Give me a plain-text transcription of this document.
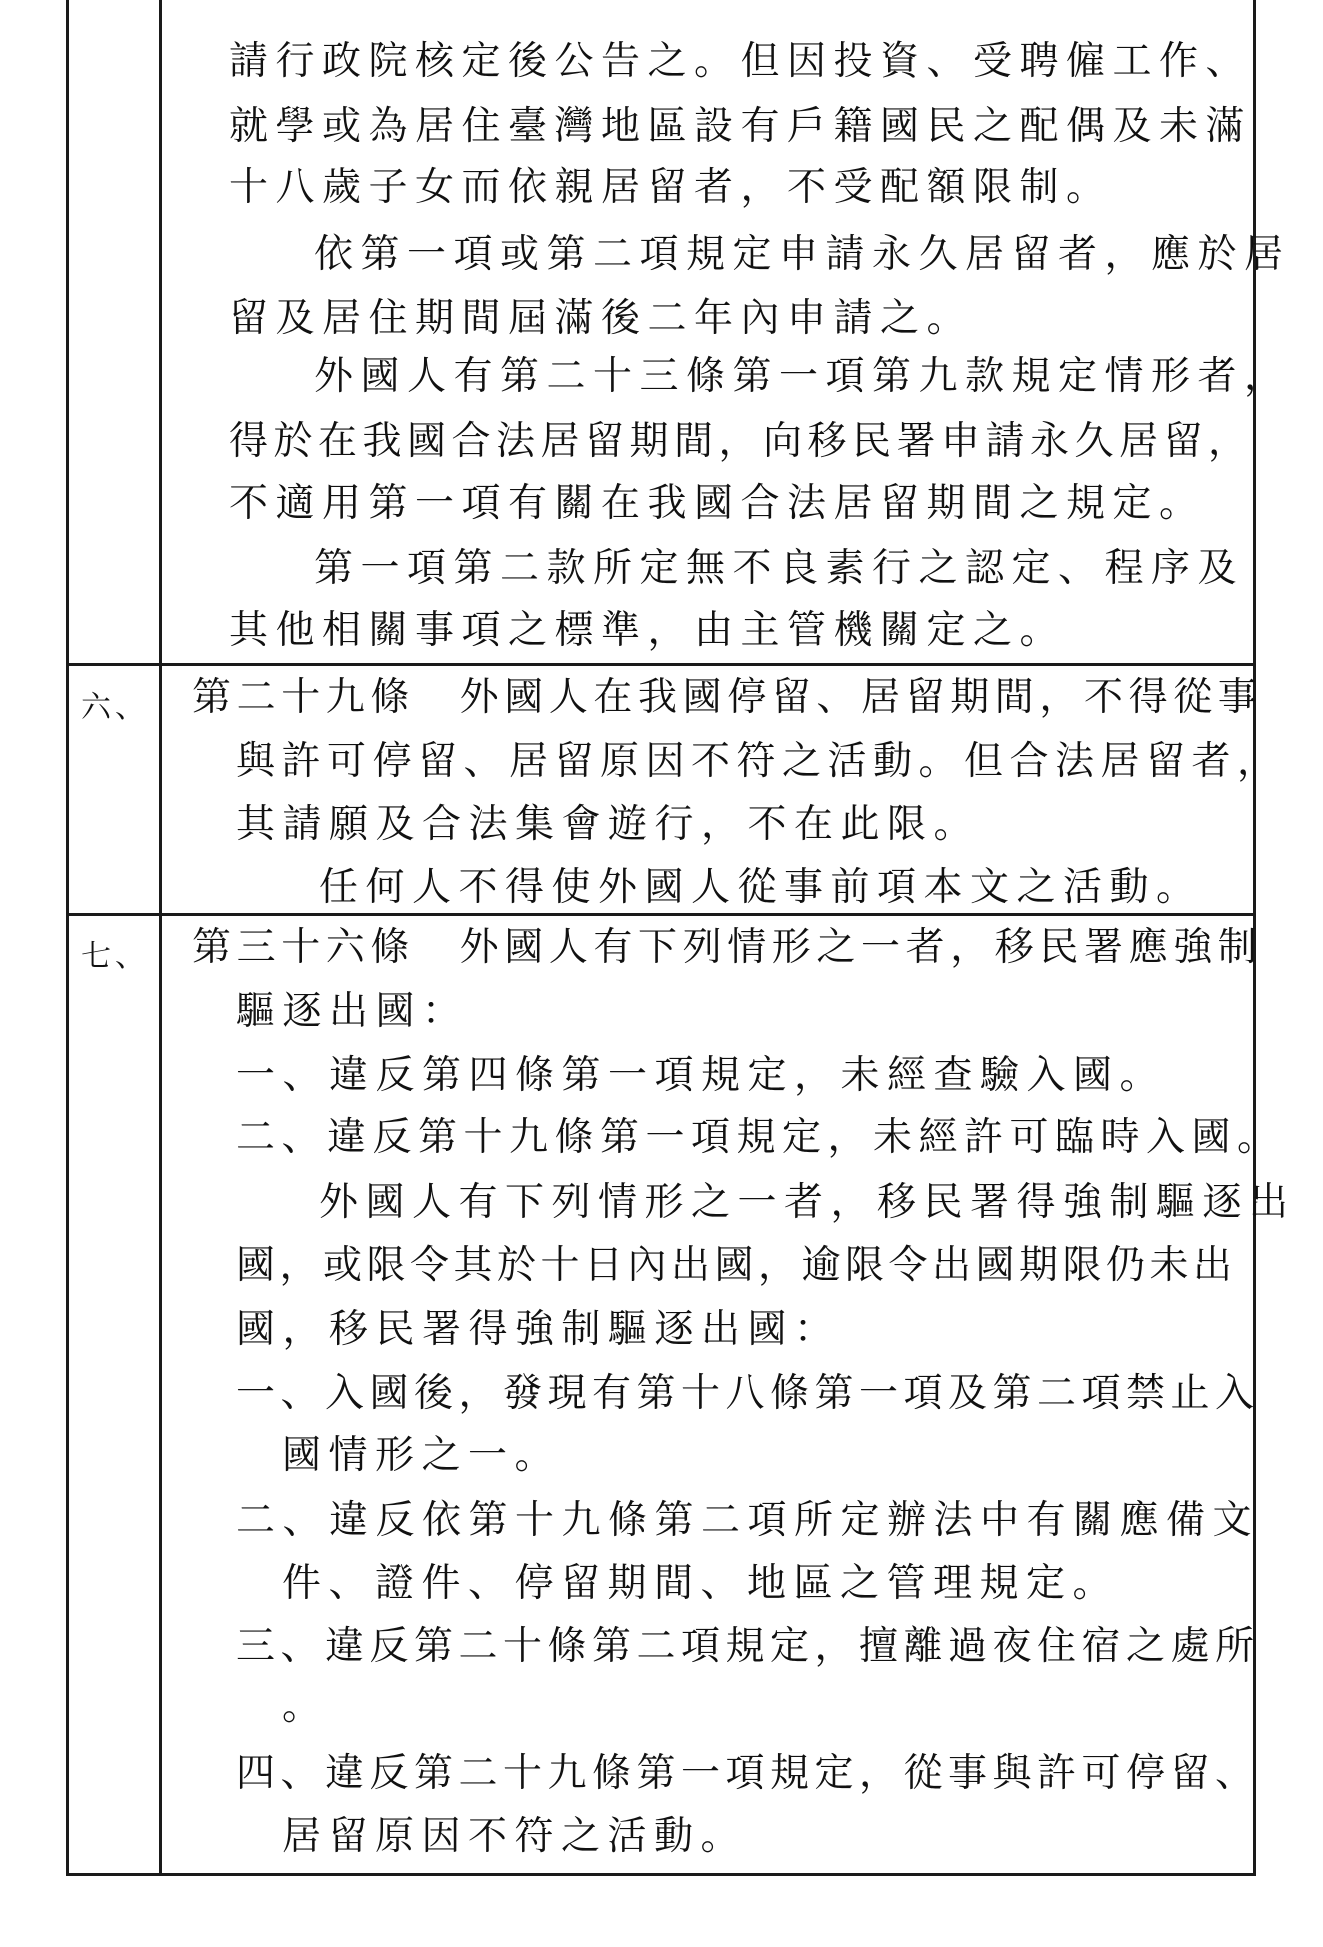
六、
七、
請行政院核定後公告之。但因投資、受聘僱工作、
就學或為居住臺灣地區設有戶籍國民之配偶及未滿
十八歲子女而依親居留者，不受配額限制。
依第一項或第二項規定申請永久居留者，應於居
留及居住期間屆滿後二年內申請之。
外國人有第二十三條第一項第九款規定情形者，
得於在我國合法居留期間，向移民署申請永久居留，
不適用第一項有關在我國合法居留期間之規定。
第一項第二款所定無不良素行之認定、程序及
其他相關事項之標準，由主管機關定之。
第二十九條　外國人在我國停留、居留期間，不得從事
與許可停留、居留原因不符之活動。但合法居留者，
其請願及合法集會遊行，不在此限。
任何人不得使外國人從事前項本文之活動。
第三十六條　外國人有下列情形之一者，移民署應強制
驅逐出國：
一、違反第四條第一項規定，未經查驗入國。
二、違反第十九條第一項規定，未經許可臨時入國。
外國人有下列情形之一者，移民署得強制驅逐出
國，或限令其於十日內出國，逾限令出國期限仍未出
國，移民署得強制驅逐出國：
一、入國後，發現有第十八條第一項及第二項禁止入
國情形之一。
二、違反依第十九條第二項所定辦法中有關應備文
件、證件、停留期間、地區之管理規定。
三、違反第二十條第二項規定，擅離過夜住宿之處所
。
四、違反第二十九條第一項規定，從事與許可停留、
居留原因不符之活動。
